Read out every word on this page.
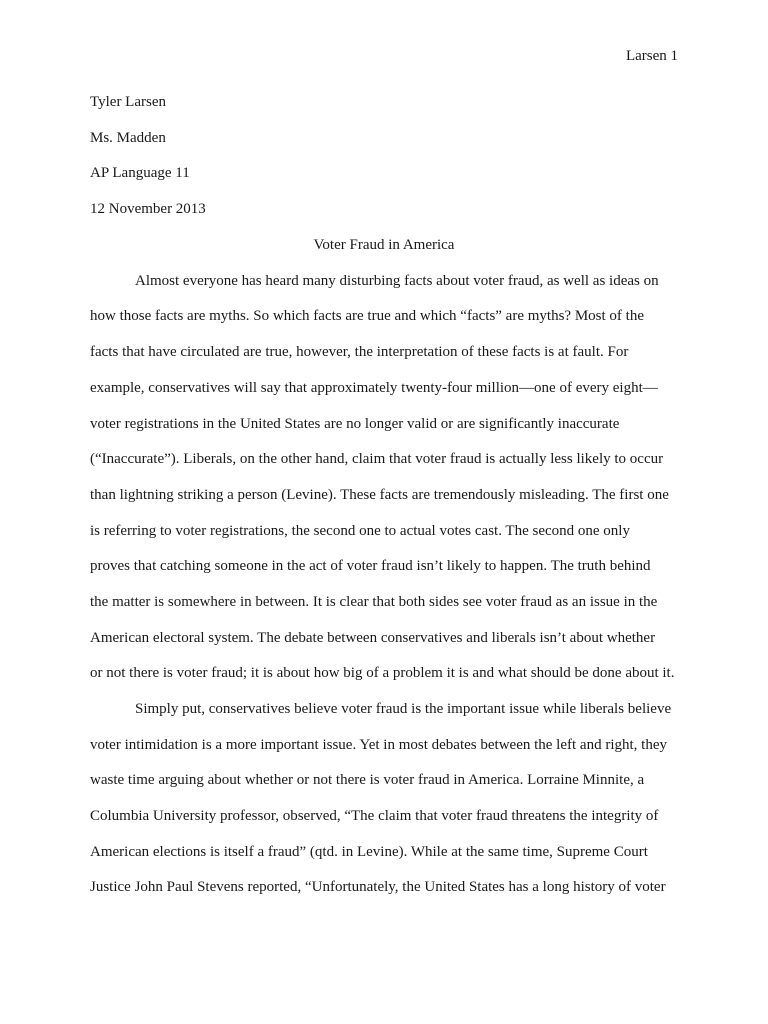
Larsen 1
Tyler Larsen
Ms. Madden
AP Language 11
12 November 2013
Voter Fraud in America
Almost everyone has heard many disturbing facts about voter fraud, as well as ideas on
how those facts are myths. So which facts are true and which “facts” are myths? Most of the
facts that have circulated are true, however, the interpretation of these facts is at fault. For
example, conservatives will say that approximately twenty-four million—one of every eight—
voter registrations in the United States are no longer valid or are significantly inaccurate
(“Inaccurate”). Liberals, on the other hand, claim that voter fraud is actually less likely to occur
than lightning striking a person (Levine). These facts are tremendously misleading. The first one
is referring to voter registrations, the second one to actual votes cast. The second one only
proves that catching someone in the act of voter fraud isn’t likely to happen. The truth behind
the matter is somewhere in between. It is clear that both sides see voter fraud as an issue in the
American electoral system. The debate between conservatives and liberals isn’t about whether
or not there is voter fraud; it is about how big of a problem it is and what should be done about it.
Simply put, conservatives believe voter fraud is the important issue while liberals believe
voter intimidation is a more important issue. Yet in most debates between the left and right, they
waste time arguing about whether or not there is voter fraud in America. Lorraine Minnite, a
Columbia University professor, observed, “The claim that voter fraud threatens the integrity of
American elections is itself a fraud” (qtd. in Levine). While at the same time, Supreme Court
Justice John Paul Stevens reported, “Unfortunately, the United States has a long history of voter
